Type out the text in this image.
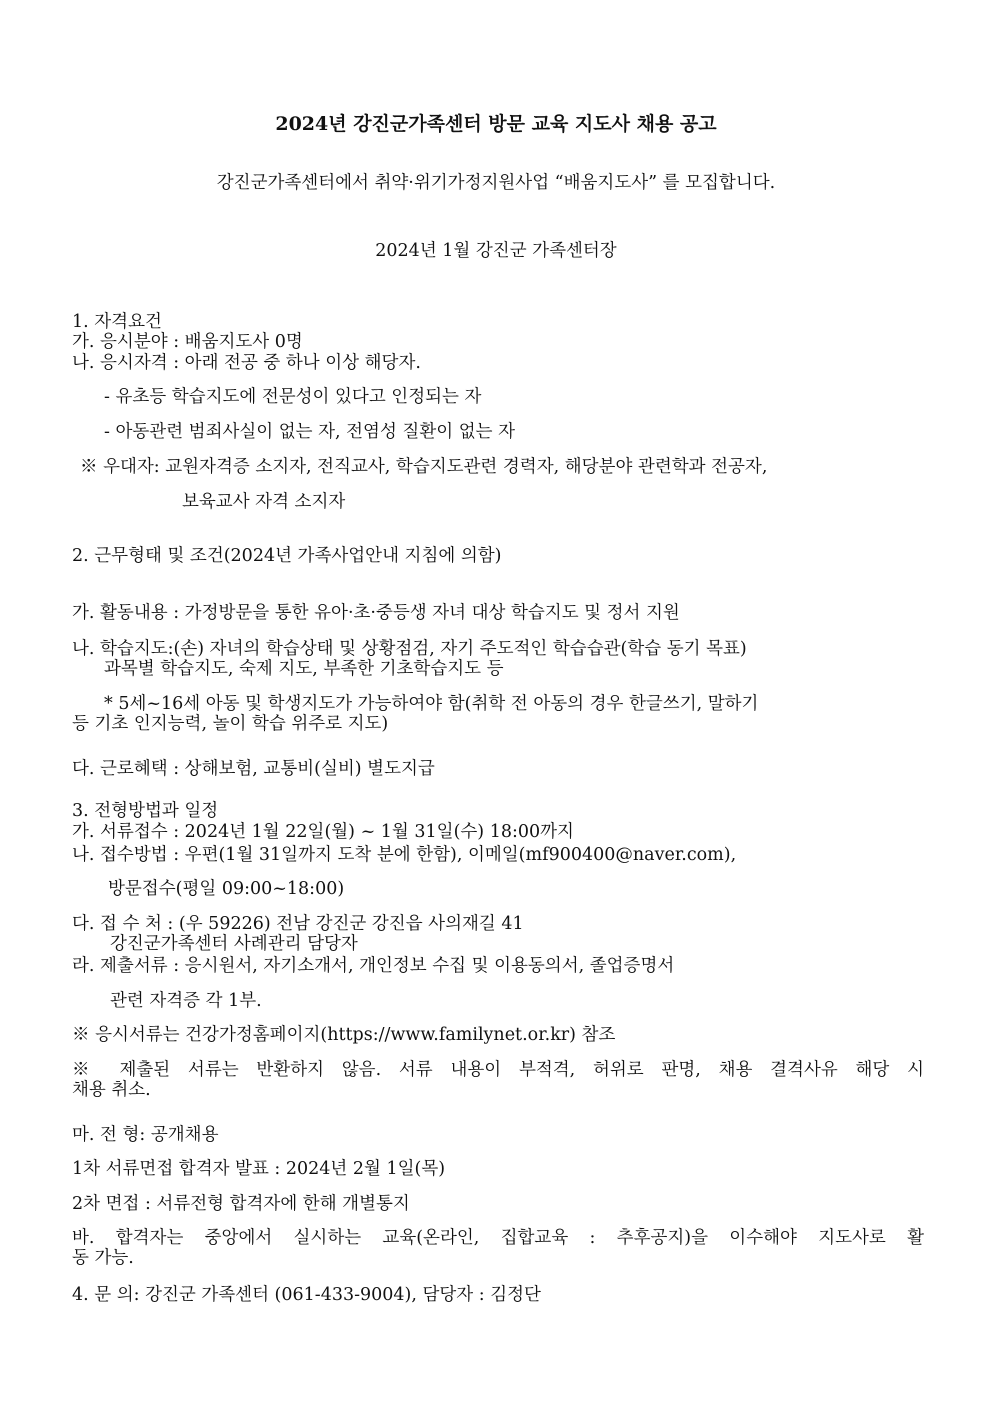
2024년 강진군가족센터 방문 교육 지도사 채용 공고
강진군가족센터에서 취약·위기가정지원사업 “배움지도사” 를 모집합니다.
2024년 1월 강진군 가족센터장
1. 자격요건
가. 응시분야 : 배움지도사 0명
나. 응시자격 : 아래 전공 중 하나 이상 해당자.
- 유초등 학습지도에 전문성이 있다고 인정되는 자
- 아동관련 범죄사실이 없는 자, 전염성 질환이 없는 자
※ 우대자: 교원자격증 소지자, 전직교사, 학습지도관련 경력자, 해당분야 관련학과 전공자,
보육교사 자격 소지자
2. 근무형태 및 조건(2024년 가족사업안내 지침에 의함)
가. 활동내용 : 가정방문을 통한 유아·초·중등생 자녀 대상 학습지도 및 정서 지원
나. 학습지도:(손) 자녀의 학습상태 및 상황점검, 자기 주도적인 학습습관(학습 동기 목표)
과목별 학습지도, 숙제 지도, 부족한 기초학습지도 등
* 5세~16세 아동 및 학생지도가 가능하여야 함(취학 전 아동의 경우 한글쓰기, 말하기
등 기초 인지능력, 놀이 학습 위주로 지도)
다. 근로혜택 : 상해보험, 교통비(실비) 별도지급
3. 전형방법과 일정
가. 서류접수 : 2024년 1월 22일(월) ~ 1월 31일(수) 18:00까지
나. 접수방법 : 우편(1월 31일까지 도착 분에 한함), 이메일(mf900400@naver.com),
방문접수(평일 09:00~18:00)
다. 접 수 처 : (우 59226) 전남 강진군 강진읍 사의재길 41
강진군가족센터 사례관리 담당자
라. 제출서류 : 응시원서, 자기소개서, 개인정보 수집 및 이용동의서, 졸업증명서
관련 자격증 각 1부.
※ 응시서류는 건강가정홈페이지(https://www.familynet.or.kr) 참조
※ 제출된 서류는 반환하지 않음. 서류 내용이 부적격, 허위로 판명, 채용 결격사유 해당 시
채용 취소.
마. 전 형: 공개채용
1차 서류면접 합격자 발표 : 2024년 2월 1일(목)
2차 면접 : 서류전형 합격자에 한해 개별통지
바. 합격자는 중앙에서 실시하는 교육(온라인, 집합교육 : 추후공지)을 이수해야 지도사로 활
동 가능.
4. 문 의: 강진군 가족센터 (061-433-9004), 담당자 : 김정단
